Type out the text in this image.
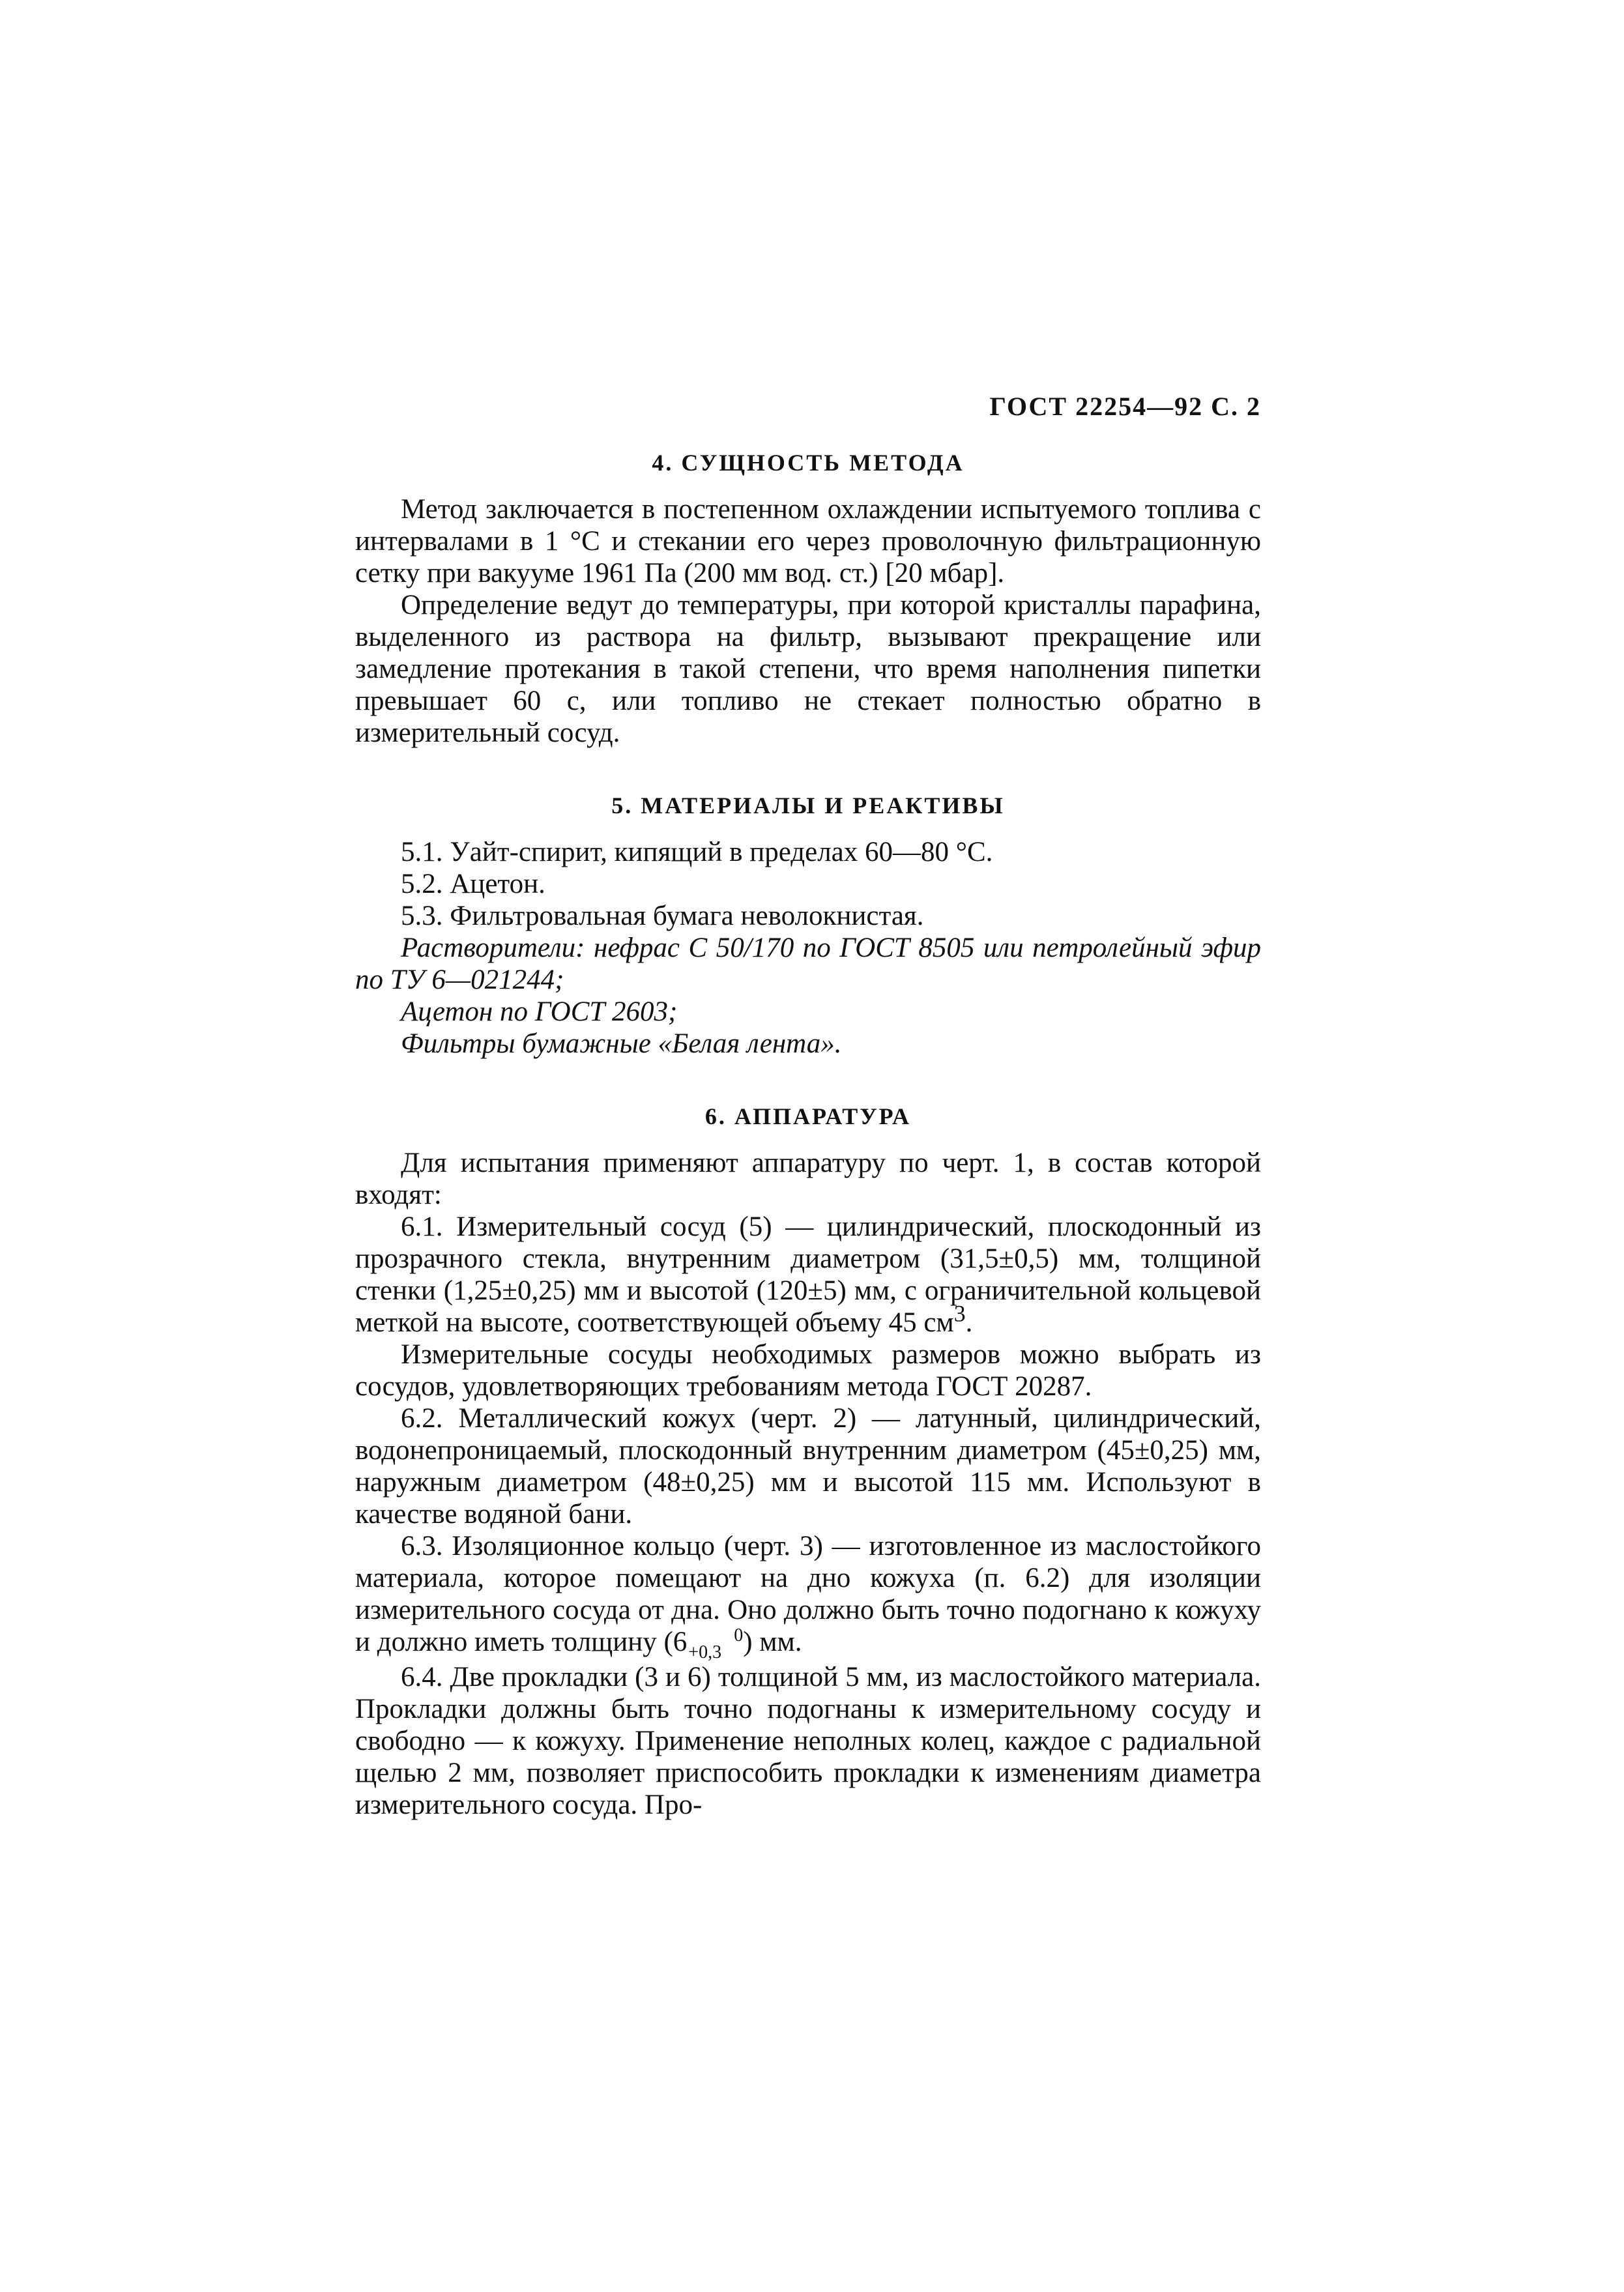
ГОСТ 22254—92 С. 2
4. СУЩНОСТЬ МЕТОДА

Метод заключается в постепенном охлаждении испытуемого топлива с интервалами в 1 °С и стекании его через проволочную фильтрационную сетку при вакууме 1961 Па (200 мм вод. ст.) [20 мбар].

Определение ведут до температуры, при которой кристаллы парафина, выделенного из раствора на фильтр, вызывают прекращение или замедление протекания в такой степени, что время наполнения пипетки превышает 60 с, или топливо не стекает полностью обратно в измерительный сосуд.

5. МАТЕРИАЛЫ И РЕАКТИВЫ

5.1. Уайт-спирит, кипящий в пределах 60—80 °С.

5.2. Ацетон.

5.3. Фильтровальная бумага неволокнистая.

Растворители: нефрас С 50/170 по ГОСТ 8505 или петролейный эфир по ТУ 6—021244;

Ацетон по ГОСТ 2603;

Фильтры бумажные «Белая лента».

6. АППАРАТУРА

Для испытания применяют аппаратуру по черт. 1, в состав которой входят:

6.1. Измерительный сосуд (5) — цилиндрический, плоскодонный из прозрачного стекла, внутренним диаметром (31,5±0,5) мм, толщиной стенки (1,25±0,25) мм и высотой (120±5) мм, с ограничительной кольцевой меткой на высоте, соответствующей объему 45 $см^3$.

Измерительные сосуды необходимых размеров можно выбрать из сосудов, удовлетворяющих требованиям метода ГОСТ 20287.

6.2. Металлический кожух (черт. 2) — латунный, цилиндрический, водонепроницаемый, плоскодонный внутренним диаметром (45±0,25) мм, наружным диаметром (48±0,25) мм и высотой 115 мм. Используют в качестве водяной бани.

6.3. Изоляционное кольцо (черт. 3) — изготовленное из маслостойкого материала, которое помещают на дно кожуха (п. 6.2) для изоляции измерительного сосуда от дна. Оно должно быть точно подогнано к кожуху и должно иметь толщину (6	0
+0,3 ) мм.

6.4. Две прокладки (3 и 6) толщиной 5 мм, из маслостойкого материала. Прокладки должны быть точно подогнаны к измерительному сосуду и свободно — к кожуху. Применение неполных колец, каждое с радиальной щелью 2 мм, позволяет приспособить прокладки к изменениям диаметра измерительного сосуда. Про-
